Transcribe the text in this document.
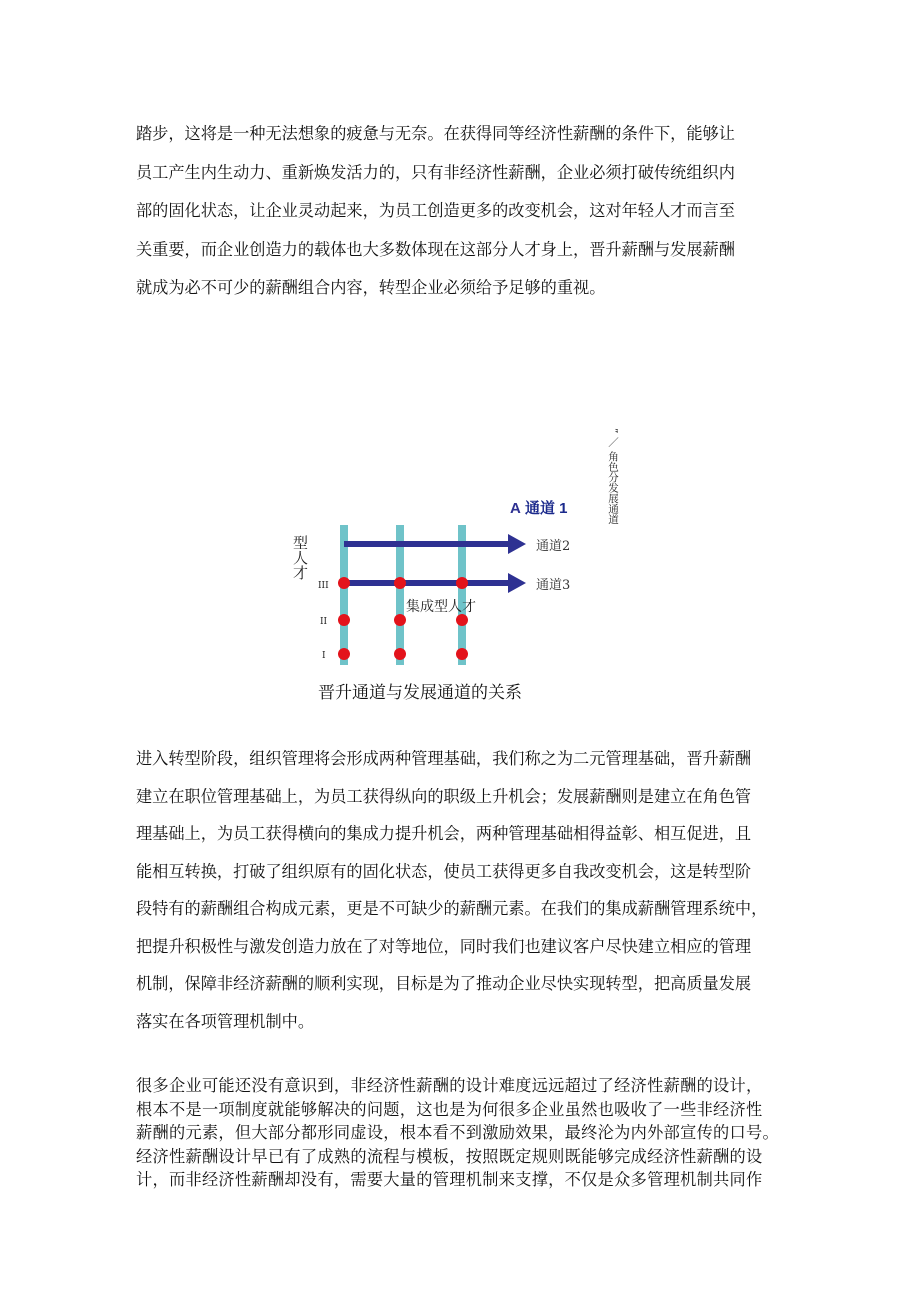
踏步，这将是一种无法想象的疲惫与无奈。在获得同等经济性薪酬的条件下，能够让

员工产生内生动力、重新焕发活力的，只有非经济性薪酬，企业必须打破传统组织内

部的固化状态，让企业灵动起来，为员工创造更多的改变机会，这对年轻人才而言至

关重要，而企业创造力的载体也大多数体现在这部分人才身上，晋升薪酬与发展薪酬

就成为必不可少的薪酬组合内容，转型企业必须给予足够的重视。

A 通道 1
通道2
通道3
集成型人才
型人才
III
II
I
” ／ 角色分发展通道
晋升通道与发展通道的关系

进入转型阶段，组织管理将会形成两种管理基础，我们称之为二元管理基础，晋升薪酬

建立在职位管理基础上，为员工获得纵向的职级上升机会；发展薪酬则是建立在角色管

理基础上，为员工获得横向的集成力提升机会，两种管理基础相得益彰、相互促进，且

能相互转换，打破了组织原有的固化状态，使员工获得更多自我改变机会，这是转型阶

段特有的薪酬组合构成元素，更是不可缺少的薪酬元素。在我们的集成薪酬管理系统中，

把提升积极性与激发创造力放在了对等地位，同时我们也建议客户尽快建立相应的管理

机制，保障非经济薪酬的顺利实现，目标是为了推动企业尽快实现转型，把高质量发展

落实在各项管理机制中。

很多企业可能还没有意识到，非经济性薪酬的设计难度远远超过了经济性薪酬的设计，

根本不是一项制度就能够解决的问题，这也是为何很多企业虽然也吸收了一些非经济性

薪酬的元素，但大部分都形同虚设，根本看不到激励效果，最终沦为内外部宣传的口号。

经济性薪酬设计早已有了成熟的流程与模板，按照既定规则既能够完成经济性薪酬的设

计，而非经济性薪酬却没有，需要大量的管理机制来支撑，不仅是众多管理机制共同作
